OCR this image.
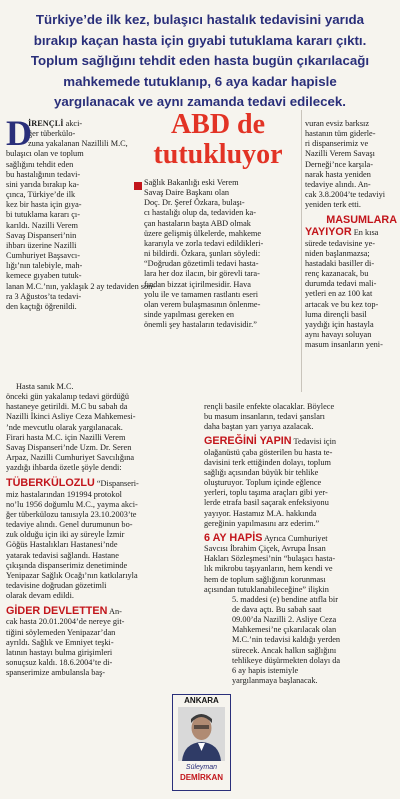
Türkiye’de ilk kez, bulaşıcı hastalık tedavisini yarıda
bırakıp kaçan hasta için gıyabi tutuklama kararı çıktı.
Toplum sağlığını tehdit eden hasta bugün çıkarılacağı
mahkemede tutuklanıp, 6 aya kadar hapisle
yargılanacak ve aynı zamanda tedavi edilecek.
D

İRENÇLİ akci-

ğer tüberkülo-

zuna yakalanan Nazillili M.C,

bulaşıcı olan ve toplum

sağlığını tehdit eden

bu hastalığının tedavi-

sini yarıda bırakıp ka-

çınca, Türkiye’de ilk

kez bir hasta için gıya-

bi tutuklama kararı çı-

karıldı. Nazilli Verem

Savaş Dispanseri’nin

ihbarı üzerine Nazilli

Cumhuriyet Başsavcı-

lığı’nın talebiyle, mah-

kemece gıyaben tutuk-

lanan M.C.’nın, yaklaşık 2 ay tedaviden son-

ra 3 Ağustos’ta tedavi-

den kaçtığı öğrenildi.

ABD de tutukluyor

Sağlık Bakanlığı eski Verem

Savaş Daire Başkanı olan

Doç. Dr. Şeref Özkara, bulaşı-

cı hastalığı olup da, tedaviden ka-

çan hastaların başta ABD olmak

üzere gelişmiş ülkelerde, mahkeme

kararıyla ve zorla tedavi edildikleri-

ni bildirdi. Özkara, şunları söyledi:

“Doğrudan gözetimli tedavi hasta-

lara her doz ilacın, bir görevli tara-

fından bizzat içirilmesidir. Hava

yolu ile ve tamamen rastlantı eseri

olan verem bulaşmasının önlenme-

sinde yapılması gereken en

önemli şey hastaların tedavisidir.”

vuran evsiz barksız

hastanın tüm giderle-

ri dispanserimiz ve

Nazilli Verem Savaşı

Derneği’nce karşıla-

narak hasta yeniden

tedaviye alındı. An-

cak 3.8.2004’te tedaviyi

yeniden terk etti.

MASUMLARA

YAYIYOR En kısa

sürede tedavisine ye-

niden başlanmazsa;

hastadaki basiller di-

renç kazanacak, bu

durumda tedavi mali-

yetleri en az 100 kat

artacak ve bu kez top-

luma dirençli basil

yaydığı için hastayla

aynı havayı soluyan

masum insanların yeni-

Hasta sanık M.C.

önceki gün yakalanıp tedavi gördüğü

hastaneye getirildi. M.C bu sabah da

Nazilli İkinci Asliye Ceza Mahkemesi-

’nde mevcutlu olarak yargılanacak.

Firari hasta M.C. için Nazilli Verem

Savaş Dispanseri’nde Uzm. Dr. Seren

Arpaz, Nazilli Cumhuriyet Savcılığına

yazdığı ihbarda özetle şöyle dendi:

TÜBERKÜLOZLU “Dispanseri-

miz hastalarından 191994 protokol

no’lu 1956 doğumlu M.C., yayma akci-

ğer tüberkülozu tanısıyla 23.10.2003’te

tedaviye alındı. Genel durumunun bo-

zuk olduğu için iki ay süreyle İzmir

Göğüs Hastalıkları Hastanesi’nde

yatarak tedavisi sağlandı. Hastane

çıkışında dispanserimiz denetiminde

Yenipazar Sağlık Ocağı’nın katkılarıyla

tedavisine doğrudan gözetimli

olarak devam edildi.

GİDER DEVLETTEN An-

cak hasta 20.01.2004’de nereye git-

tiğini söylemeden Yenipazar’dan

ayrıldı. Sağlık ve Emniyet teşki-

latının hastayı bulma girişimleri

sonuçsuz kaldı. 18.6.2004’te di-

spanserimize ambulansla baş-

rençli basile enfekte olacaklar. Böylece

bu masum insanların, tedavi şansları

daha baştan yarı yarıya azalacak.

GEREĞİNİ YAPIN Tedavisi için

olağanüstü çaba gösterilen bu hasta te-

davisini terk ettiğinden dolayı, toplum

sağlığı açısından büyük bir tehlike

oluşturuyor. Toplum içinde eğlence

yerleri, toplu taşıma araçları gibi yer-

lerde etrafa basil saçarak enfeksiyonu

yayıyor. Hastamız M.A. hakkında

gereğinin yapılmasını arz ederim.”

6 AY HAPİS Ayrıca Cumhuriyet

Savcısı İbrahim Çiçek, Avrupa İnsan

Hakları Sözleşmesi’nin “bulaşıcı hasta-

lık mikrobu taşıyanların, hem kendi ve

hem de toplum sağlığının korunması

açısından tutuklanabileceğine” ilişkin

5. maddesi (e) bendine atıfla bir

de dava açtı. Bu sabah saat

09.00’da Nazilli 2. Asliye Ceza

Mahkemesi’ne çıkarılacak olan

M.C.’nin tedavisi kaldığı yerden

sürecek. Ancak halkın sağlığını

tehlikeye düşürmekten dolayı da

6 ay hapis istemiyle

yargılanmaya başlanacak.

ANKARA
Süleyman
DEMİRKAN
